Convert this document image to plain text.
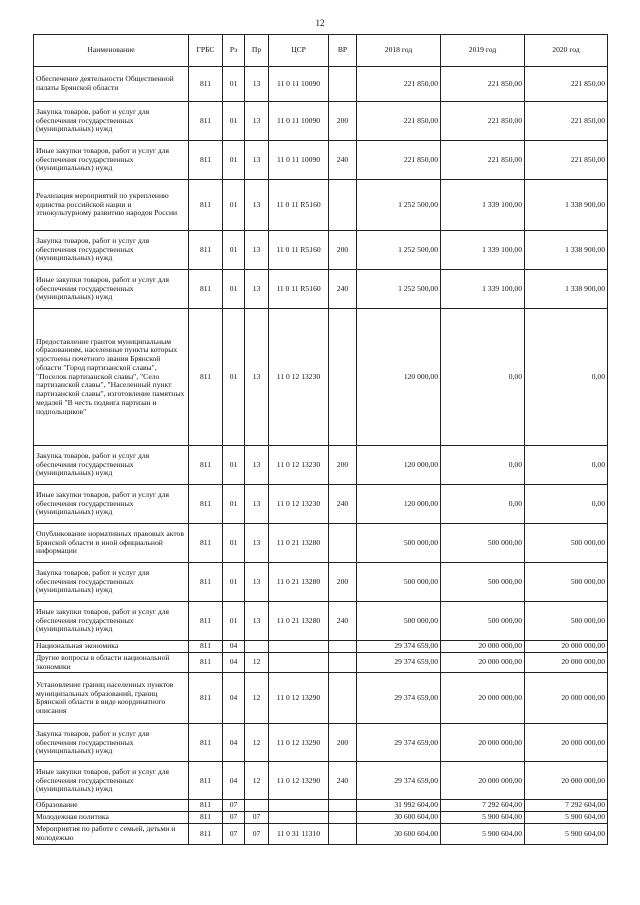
12
Наименование	ГРБС	Рз	Пр	ЦСР	ВР	2018 год	2019 год	2020 год
Обеспечение деятельности Общественной палаты Брянской области	811	01	13	11 0 11 10090		221 850,00	221 850,00	221 850,00
Закупка товаров, работ и услуг для обеспечения государственных (муниципальных) нужд	811	01	13	11 0 11 10090	200	221 850,00	221 850,00	221 850,00
Иные закупки товаров, работ и услуг для обеспечения государственных (муниципальных) нужд	811	01	13	11 0 11 10090	240	221 850,00	221 850,00	221 850,00
Реализация мероприятий по укреплению единства российской нации и этнокультурному развитию народов России	811	01	13	11 0 11 R5160		1 252 500,00	1 339 100,00	1 338 900,00
Закупка товаров, работ и услуг для обеспечения государственных (муниципальных) нужд	811	01	13	11 0 11 R5160	200	1 252 500,00	1 339 100,00	1 338 900,00
Иные закупки товаров, работ и услуг для обеспечения государственных (муниципальных) нужд	811	01	13	11 0 11 R5160	240	1 252 500,00	1 339 100,00	1 338 900,00
Предоставление грантов муниципальным образованиям, населенные пункты которых удостоены почетного звания Брянской области "Город партизанской славы", "Поселок партизанской славы", "Село партизанской славы", "Населенный пункт партизанской славы", изготовление памятных медалей "В честь подвига партизан и подпольщиков"	811	01	13	11 0 12 13230		120 000,00	0,00	0,00
Закупка товаров, работ и услуг для обеспечения государственных (муниципальных) нужд	811	01	13	11 0 12 13230	200	120 000,00	0,00	0,00
Иные закупки товаров, работ и услуг для обеспечения государственных (муниципальных) нужд	811	01	13	11 0 12 13230	240	120 000,00	0,00	0,00
Опубликование нормативных правовых актов Брянской области и иной официальной информации	811	01	13	11 0 21 13280		500 000,00	500 000,00	500 000,00
Закупка товаров, работ и услуг для обеспечения государственных (муниципальных) нужд	811	01	13	11 0 21 13280	200	500 000,00	500 000,00	500 000,00
Иные закупки товаров, работ и услуг для обеспечения государственных (муниципальных) нужд	811	01	13	11 0 21 13280	240	500 000,00	500 000,00	500 000,00
Национальная экономика	811	04				29 374 659,00	20 000 000,00	20 000 000,00
Другие вопросы в области национальной экономики	811	04	12			29 374 659,00	20 000 000,00	20 000 000,00
Установление границ населенных пунктов муниципальных образований, границ Брянской области в виде координатного описания	811	04	12	11 0 12 13290		29 374 659,00	20 000 000,00	20 000 000,00
Закупка товаров, работ и услуг для обеспечения государственных (муниципальных) нужд	811	04	12	11 0 12 13290	200	29 374 659,00	20 000 000,00	20 000 000,00
Иные закупки товаров, работ и услуг для обеспечения государственных (муниципальных) нужд	811	04	12	11 0 12 13290	240	29 374 659,00	20 000 000,00	20 000 000,00
Образование	811	07				31 992 604,00	7 292 604,00	7 292 604,00
Молодежная политика	811	07	07			30 600 604,00	5 900 604,00	5 900 604,00
Мероприятия по работе с семьей, детьми и молодежью	811	07	07	11 0 31 11310		30 600 604,00	5 900 604,00	5 900 604,00
